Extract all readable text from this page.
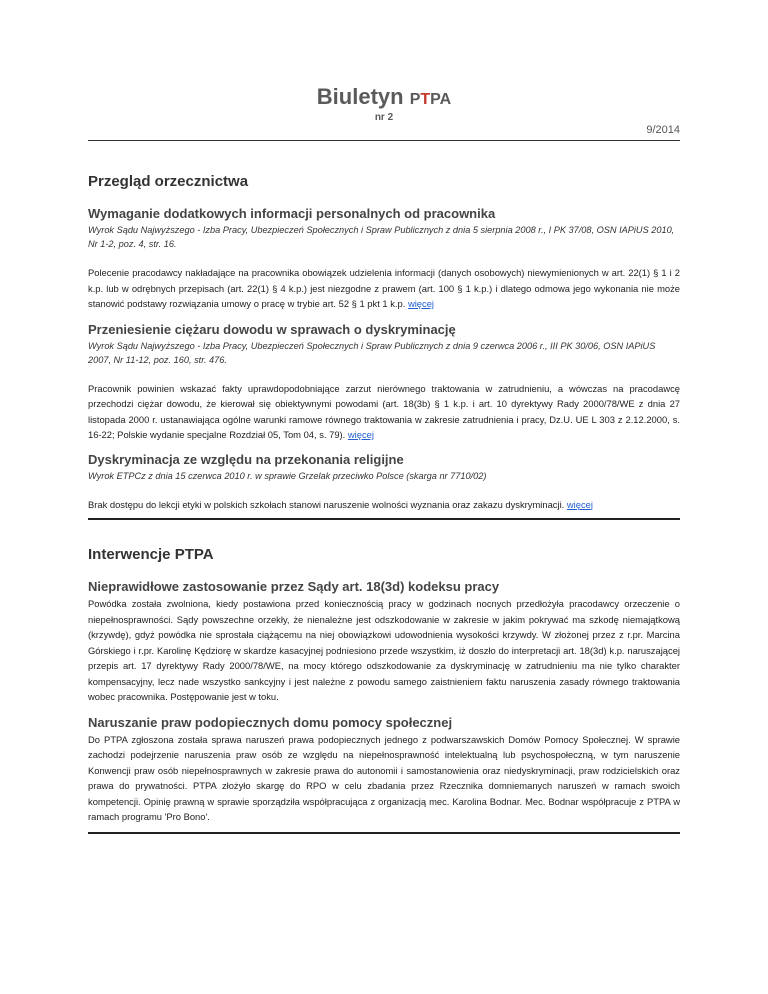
Biuletyn PTPA
nr 2
9/2014
Przegląd orzecznictwa
Wymaganie dodatkowych informacji personalnych od pracownika

Wyrok Sądu Najwyższego - Izba Pracy, Ubezpieczeń Społecznych i Spraw Publicznych z dnia 5 sierpnia 2008 r., I PK 37/08, OSN IAPiUS 2010, Nr 1-2, poz. 4, str. 16.

Polecenie pracodawcy nakładające na pracownika obowiązek udzielenia informacji (danych osobowych) niewymienionych w art. 22(1) § 1 i 2 k.p. lub w odrębnych przepisach (art. 22(1) § 4 k.p.) jest niezgodne z prawem (art. 100 § 1 k.p.) i dlatego odmowa jego wykonania nie może stanowić podstawy rozwiązania umowy o pracę w trybie art. 52 § 1 pkt 1 k.p. więcej

Przeniesienie ciężaru dowodu w sprawach o dyskryminację

Wyrok Sądu Najwyższego - Izba Pracy, Ubezpieczeń Społecznych i Spraw Publicznych z dnia 9 czerwca 2006 r., III PK 30/06, OSN IAPiUS 2007, Nr 11-12, poz. 160, str. 476.

Pracownik powinien wskazać fakty uprawdopodobniające zarzut nierównego traktowania w zatrudnieniu, a wówczas na pracodawcę przechodzi ciężar dowodu, że kierował się obiektywnymi powodami (art. 18(3b) § 1 k.p. i art. 10 dyrektywy Rady 2000/78/WE z dnia 27 listopada 2000 r. ustanawiająca ogólne warunki ramowe równego traktowania w zakresie zatrudnienia i pracy, Dz.U. UE L 303 z 2.12.2000, s. 16-22; Polskie wydanie specjalne Rozdział 05, Tom 04, s. 79). więcej

Dyskryminacja ze względu na przekonania religijne

Wyrok ETPCz z dnia 15 czerwca 2010 r. w sprawie Grzelak przeciwko Polsce (skarga nr 7710/02)

Brak dostępu do lekcji etyki w polskich szkołach stanowi naruszenie wolności wyznania oraz zakazu dyskryminacji. więcej

Interwencje PTPA
Nieprawidłowe zastosowanie przez Sądy art. 18(3d) kodeksu pracy

Powódka została zwolniona, kiedy postawiona przed koniecznością pracy w godzinach nocnych przedłożyła pracodawcy orzeczenie o niepełnosprawności. Sądy powszechne orzekły, że nienależne jest odszkodowanie w zakresie w jakim pokrywać ma szkodę niemajątkową (krzywdę), gdyż powódka nie sprostała ciążącemu na niej obowiązkowi udowodnienia wysokości krzywdy. W złożonej przez z r.pr. Marcina Górskiego i r.pr. Karolinę Kędziorę w skardze kasacyjnej podniesiono przede wszystkim, iż doszło do interpretacji art. 18(3d) k.p. naruszającej przepis art. 17 dyrektywy Rady 2000/78/WE, na mocy którego odszkodowanie za dyskryminację w zatrudnieniu ma nie tylko charakter kompensacyjny, lecz nade wszystko sankcyjny i jest należne z powodu samego zaistnieniem faktu naruszenia zasady równego traktowania wobec pracownika. Postępowanie jest w toku.

Naruszanie praw podopiecznych domu pomocy społecznej

Do PTPA zgłoszona została sprawa naruszeń prawa podopiecznych jednego z podwarszawskich Domów Pomocy Społecznej. W sprawie zachodzi podejrzenie naruszenia praw osób ze względu na niepełnosprawność intelektualną lub psychospołeczną, w tym naruszenie Konwencji praw osób niepełnosprawnych w zakresie prawa do autonomii i samostanowienia oraz niedyskryminacji, praw rodzicielskich oraz prawa do prywatności. PTPA złożyło skargę do RPO w celu zbadania przez Rzecznika domniemanych naruszeń w ramach swoich kompetencji. Opinię prawną w sprawie sporządziła współpracująca z organizacją mec. Karolina Bodnar. Mec. Bodnar współpracuje z PTPA w ramach programu 'Pro Bono'.
